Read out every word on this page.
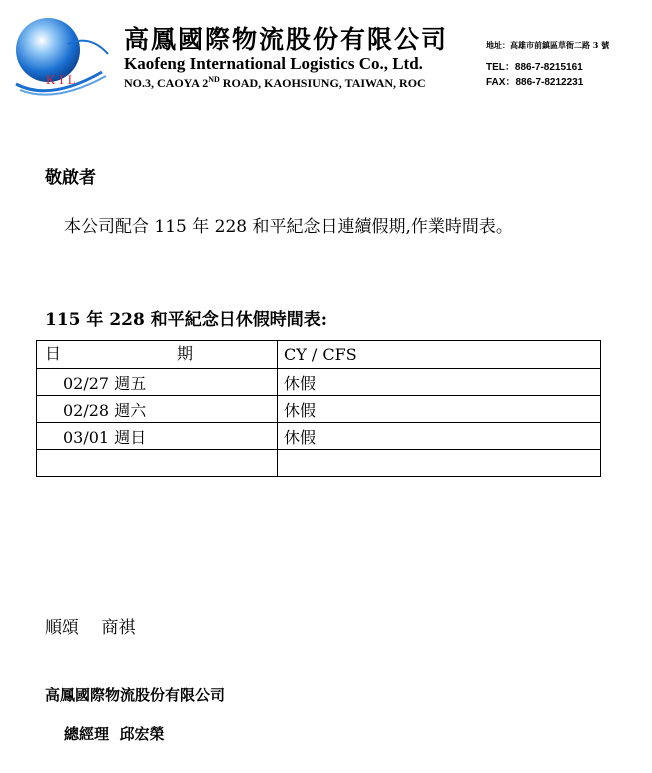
KIL
高鳳國際物流股份有限公司
Kaofeng International Logistics Co., Ltd.
NO.3, CAOYA 2ND ROAD, KAOHSIUNG, TAIWAN, ROC
地址：高雄市前鎮區草衙二路 3 號
TEL：886-7-8215161
FAX：886-7-8212231
敬啟者
本公司配合 115 年 228 和平紀念日連續假期,作業時間表。
115 年 228 和平紀念日休假時間表:
日 期	CY / CFS
02/27 週五	休假
02/28 週六	休假
03/01 週日	休假

順頌　 商祺
高鳳國際物流股份有限公司
總經理  邱宏榮
